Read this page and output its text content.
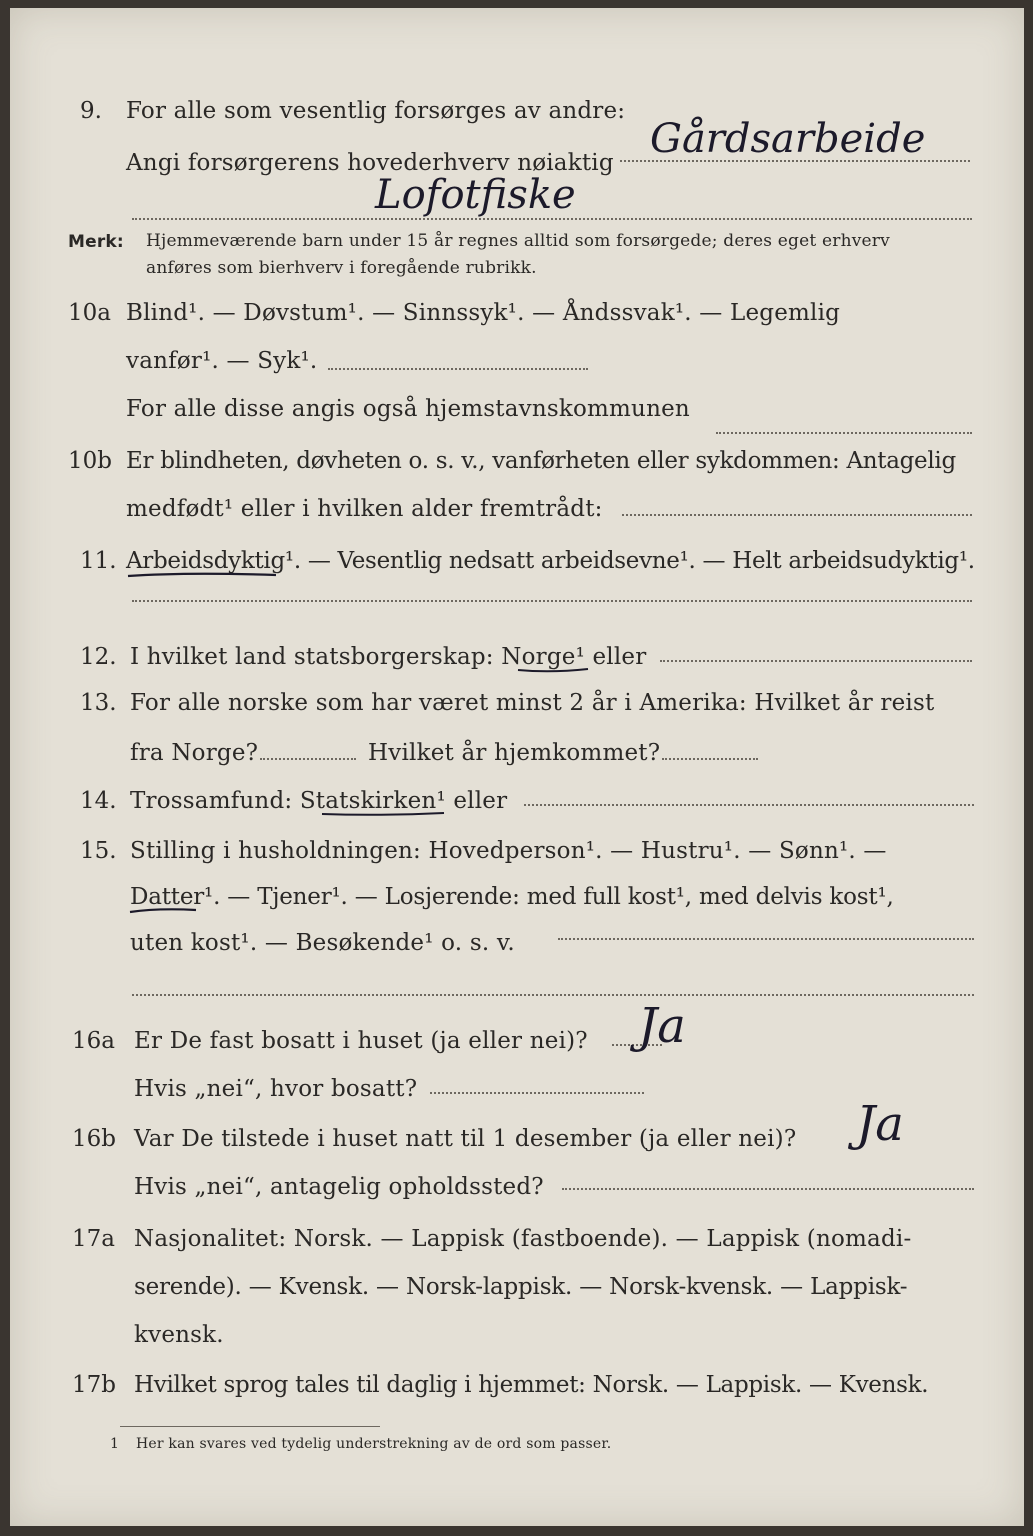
9. For alle som vesentlig forsørges av andre:
Angi forsørgerens hovederhverv nøiaktig
Gårdsarbeide
Lofotfiske
Merk: Hjemmeværende barn under 15 år regnes alltid som forsørgede; deres eget erhverv
anføres som bierhverv i foregående rubrikk.
10a Blind¹. — Døvstum¹. — Sinnssyk¹. — Åndssvak¹. — Legemlig
vanfør¹. — Syk¹.
For alle disse angis også hjemstavnskommunen
10b Er blindheten, døvheten o. s. v., vanførheten eller sykdommen: Antagelig
medfødt¹ eller i hvilken alder fremtrådt:
11. Arbeidsdyktig¹. — Vesentlig nedsatt arbeidsevne¹. — Helt arbeidsudyktig¹.
12. I hvilket land statsborgerskap: Norge¹ eller
13. For alle norske som har været minst 2 år i Amerika: Hvilket år reist
fra Norge?	Hvilket år hjemkommet?
14. Trossamfund: Statskirken¹ eller
15. Stilling i husholdningen: Hovedperson¹. — Hustru¹. — Sønn¹. —
Datter¹. — Tjener¹. — Losjerende: med full kost¹, med delvis kost¹,
uten kost¹. — Besøkende¹ o. s. v.
16a Er De fast bosatt i huset (ja eller nei)? Ja
Hvis „nei“, hvor bosatt?
16b Var De tilstede i huset natt til 1 desember (ja eller nei)? Ja
Hvis „nei“, antagelig opholdssted?
17a Nasjonalitet: Norsk. — Lappisk (fastboende). — Lappisk (nomadi-
serende). — Kvensk. — Norsk-lappisk. — Norsk-kvensk. — Lappisk-
kvensk.
17b Hvilket sprog tales til daglig i hjemmet: Norsk. — Lappisk. — Kvensk.
1 Her kan svares ved tydelig understrekning av de ord som passer.
